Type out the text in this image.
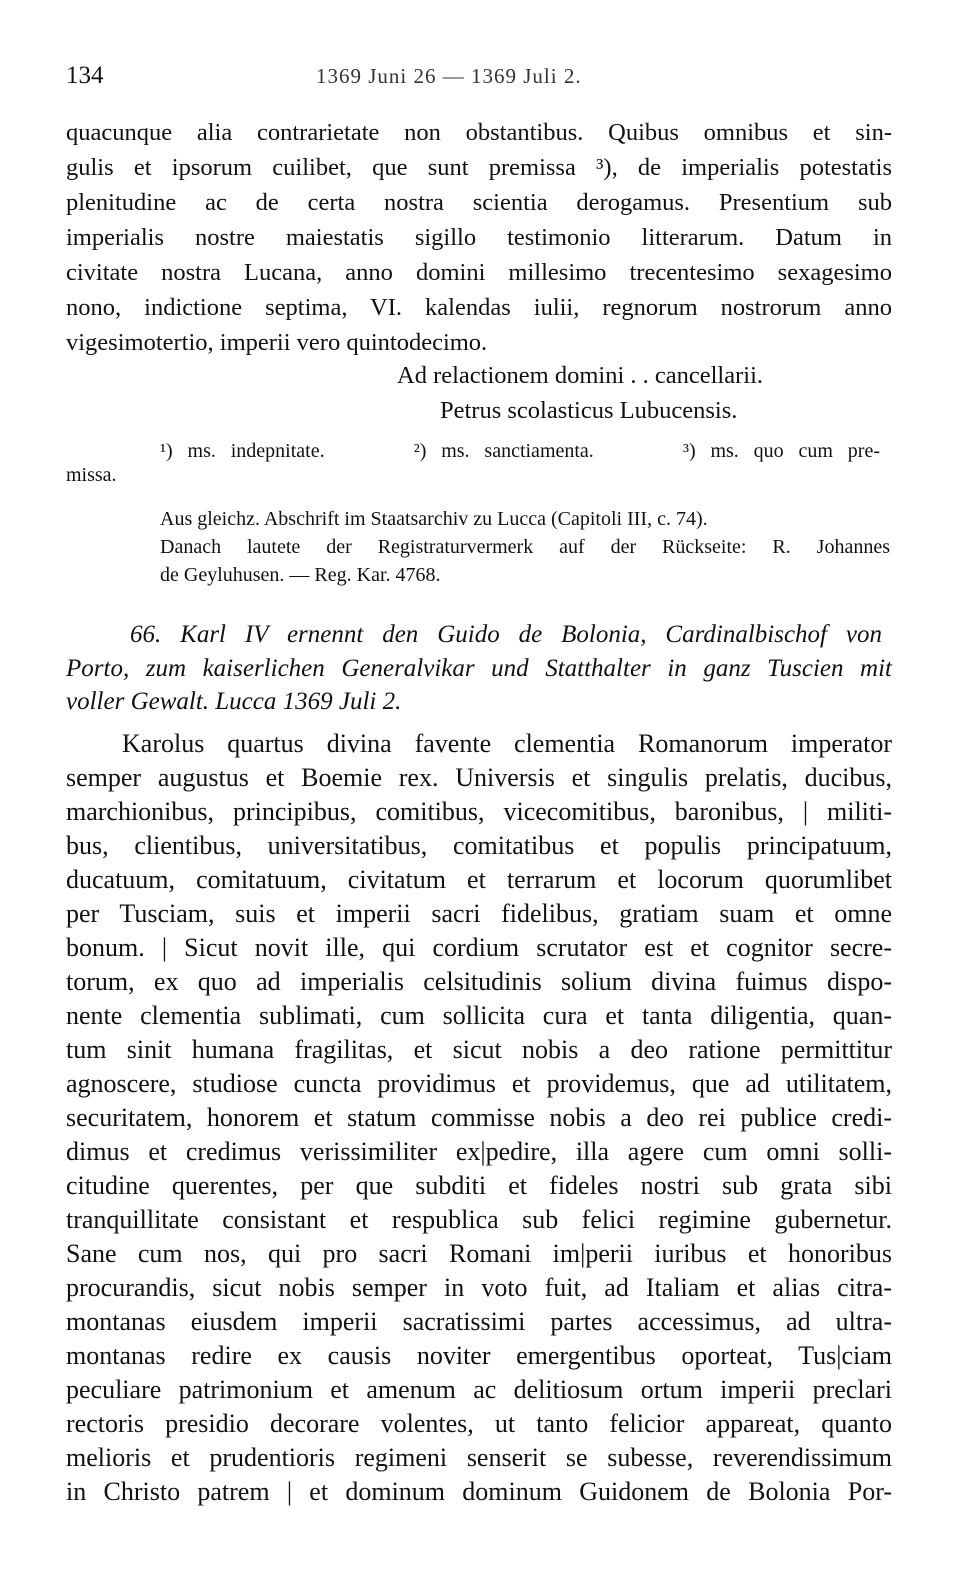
134	1369 Juni 26 — 1369 Juli 2.
quacunque alia contrarietate non obstantibus. Quibus omnibus et sin-
gulis et ipsorum cuilibet, que sunt premissa ³), de imperialis potestatis
plenitudine ac de certa nostra scientia derogamus. Presentium sub
imperialis nostre maiestatis sigillo testimonio litterarum. Datum in
civitate nostra Lucana, anno domini millesimo trecentesimo sexagesimo
nono, indictione septima, VI. kalendas iulii, regnorum nostrorum anno
vigesimotertio, imperii vero quintodecimo.
Ad relactionem domini . . cancellarii.
Petrus scolasticus Lubucensis.
¹) ms. indepnitate.      ²) ms. sanctiamenta.      ³) ms. quo cum pre-
missa.
Aus gleichz. Abschrift im Staatsarchiv zu Lucca (Capitoli III, c. 74).
Danach lautete der Registraturvermerk auf der Rückseite: R. Johannes
de Geyluhusen. — Reg. Kar. 4768.
66. Karl IV ernennt den Guido de Bolonia, Cardinalbischof von
Porto, zum kaiserlichen Generalvikar und Statthalter in ganz Tuscien mit
voller Gewalt. Lucca 1369 Juli 2.
Karolus quartus divina favente clementia Romanorum imperator
semper augustus et Boemie rex. Universis et singulis prelatis, ducibus,
marchionibus, principibus, comitibus, vicecomitibus, baronibus, | militi-
bus, clientibus, universitatibus, comitatibus et populis principatuum,
ducatuum, comitatuum, civitatum et terrarum et locorum quorumlibet
per Tusciam, suis et imperii sacri fidelibus, gratiam suam et omne
bonum. | Sicut novit ille, qui cordium scrutator est et cognitor secre-
torum, ex quo ad imperialis celsitudinis solium divina fuimus dispo-
nente clementia sublimati, cum sollicita cura et tanta diligentia, quan-
tum sinit humana fragilitas, et sicut nobis a deo ratione permittitur
agnoscere, studiose cuncta providimus et providemus, que ad utilitatem,
securitatem, honorem et statum commisse nobis a deo rei publice credi-
dimus et credimus verissimiliter ex|pedire, illa agere cum omni solli-
citudine querentes, per que subditi et fideles nostri sub grata sibi
tranquillitate consistant et respublica sub felici regimine gubernetur.
Sane cum nos, qui pro sacri Romani im|perii iuribus et honoribus
procurandis, sicut nobis semper in voto fuit, ad Italiam et alias citra-
montanas eiusdem imperii sacratissimi partes accessimus, ad ultra-
montanas redire ex causis noviter emergentibus oporteat, Tus|ciam
peculiare patrimonium et amenum ac delitiosum ortum imperii preclari
rectoris presidio decorare volentes, ut tanto felicior appareat, quanto
melioris et prudentioris regimeni senserit se subesse, reverendissimum
in Christo patrem | et dominum dominum Guidonem de Bolonia Por-
